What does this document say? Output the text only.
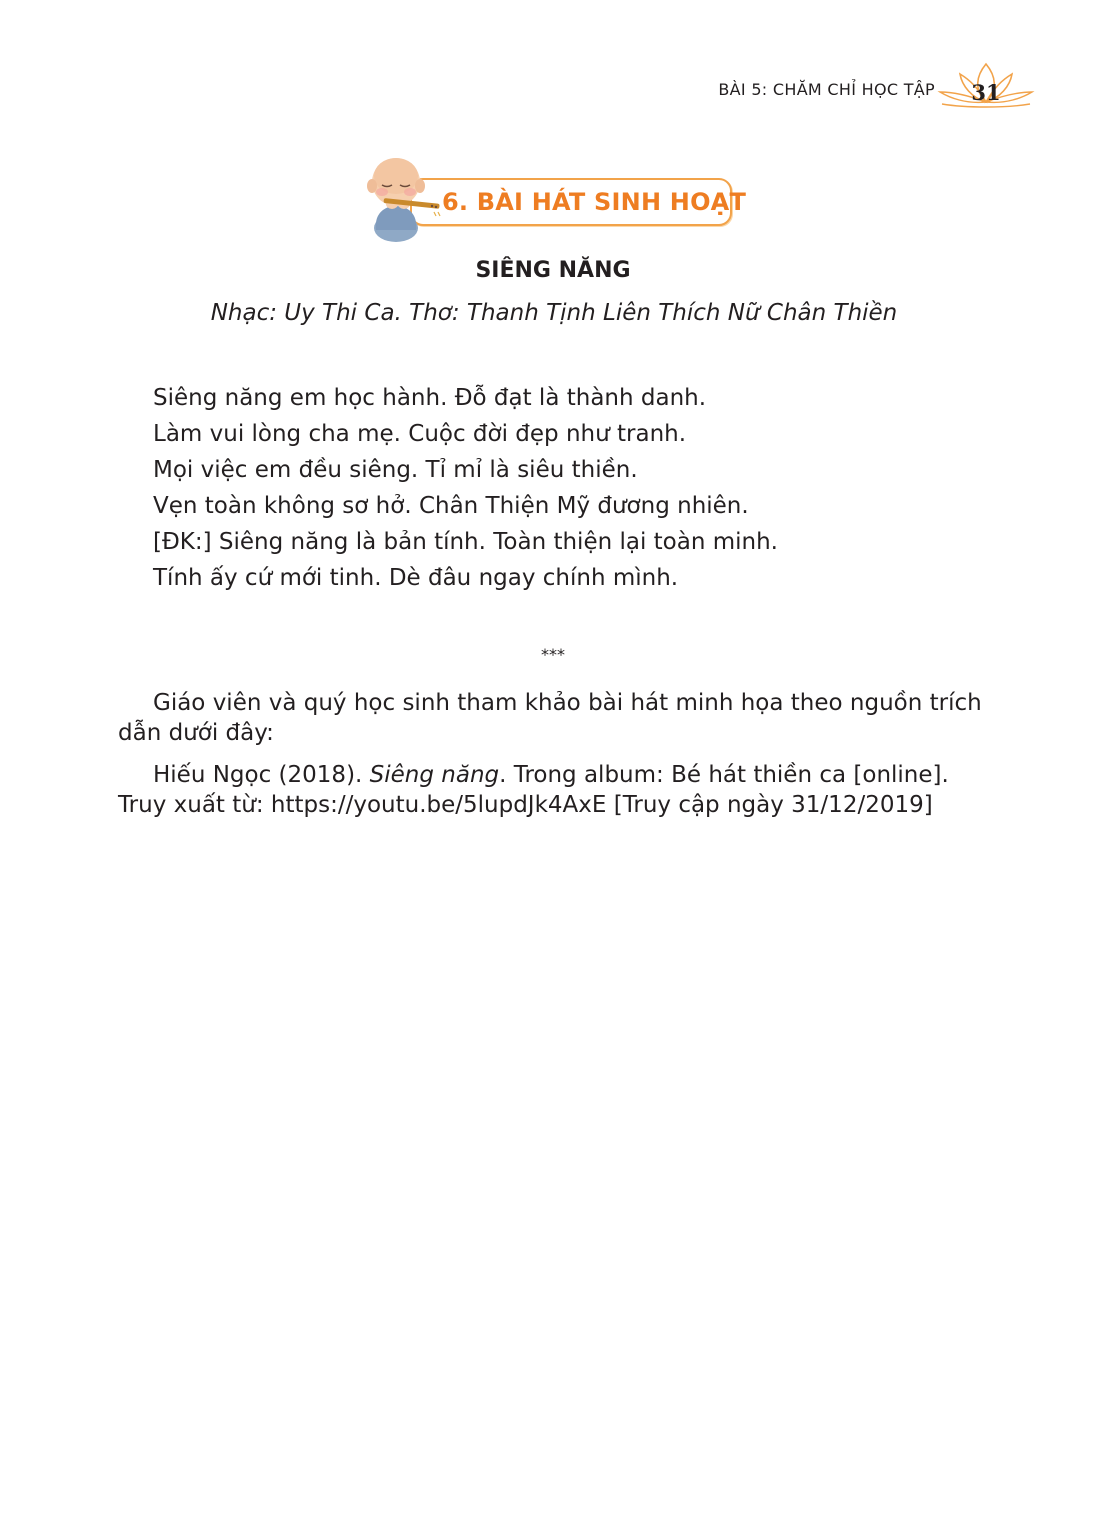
BÀI 5: CHĂM CHỈ HỌC TẬP 31
6. BÀI HÁT SINH HOẠT
SIÊNG NĂNG
Nhạc: Uy Thi Ca. Thơ: Thanh Tịnh Liên Thích Nữ Chân Thiền
Siêng năng em học hành. Đỗ đạt là thành danh.
Làm vui lòng cha mẹ. Cuộc đời đẹp như tranh.
Mọi việc em đều siêng. Tỉ mỉ là siêu thiền.
Vẹn toàn không sơ hở. Chân Thiện Mỹ đương nhiên.
[ĐK:] Siêng năng là bản tính. Toàn thiện lại toàn minh.
Tính ấy cứ mới tinh. Dè đâu ngay chính mình.
***
Giáo viên và quý học sinh tham khảo bài hát minh họa theo nguồn trích dẫn dưới đây:
Hiếu Ngọc (2018). Siêng năng. Trong album: Bé hát thiền ca [online]. Truy xuất từ: https://youtu.be/5lupdJk4AxE [Truy cập ngày 31/12/2019]
